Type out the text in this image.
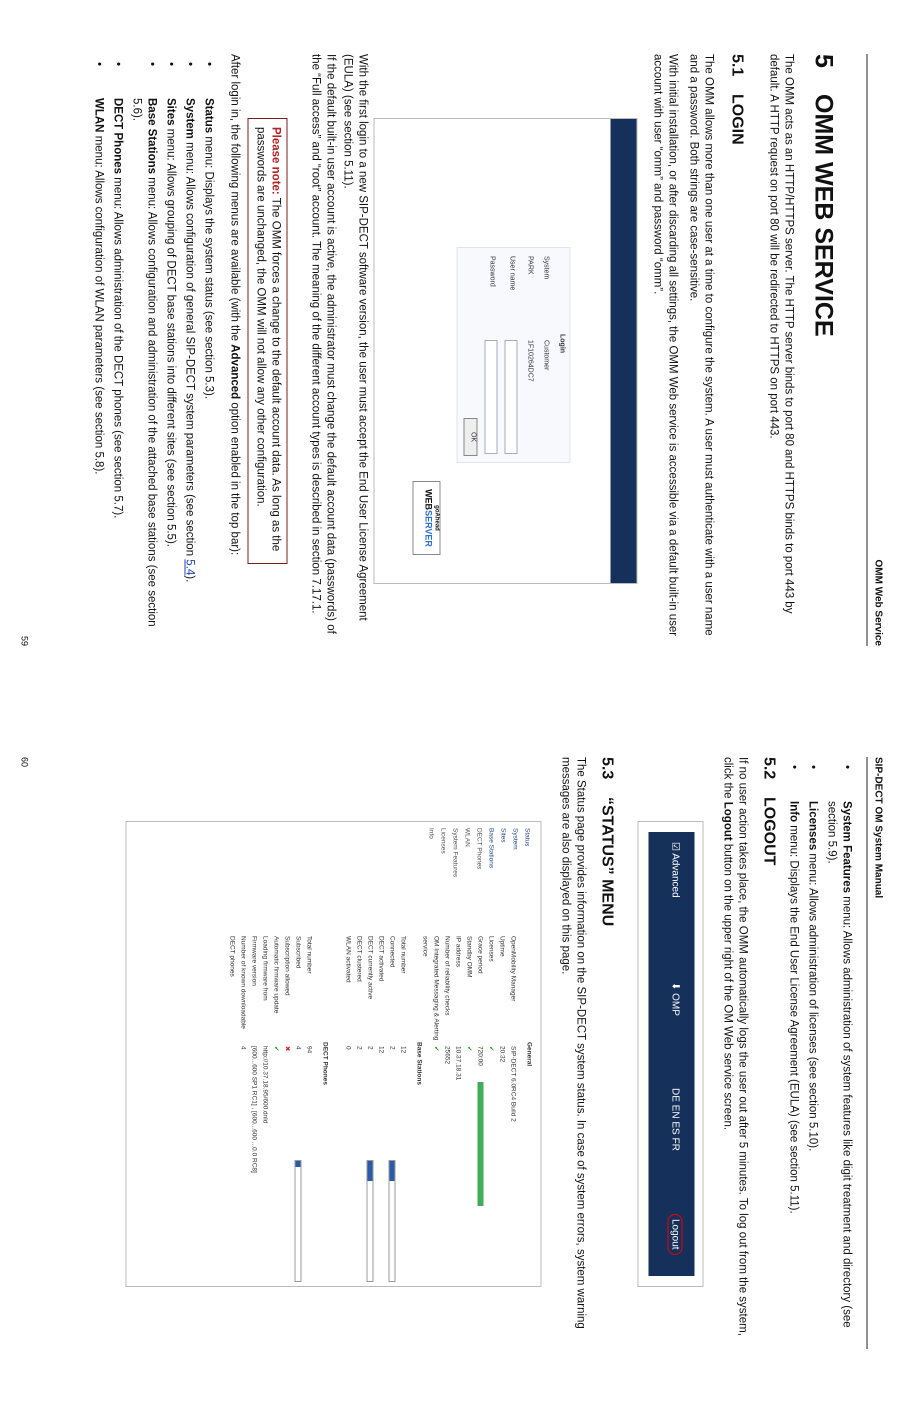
OMM Web Service
5OMM WEB SERVICE

The OMM acts as an HTTP/HTTPS server. The HTTP server binds to port 80 and HTTPS binds to port 443 by default. A HTTP request on port 80 will be redirected to HTTPS on port 443.

5.1LOGIN

The OMM allows more than one user at a time to configure the system. A user must authenticate with a user name and a password. Both strings are case-sensitive.

With initial installation, or after discarding all settings, the OMM Web service is accessible via a default built-in user account with user “omm” and password “omm”.

Login
System
Customer
PARK
1F10264DC7
User name
Password
OK
goAhead
WEBSERVER

With the first login to a new SIP-DECT software version, the user must accept the End User License Agreement (EULA) (see section 5.11).

If the default built-in user account is active, the administrator must change the default account data (passwords) of the “Full access” and “root” account. The meaning of the different account types is described in section 7.17.1.

Please note: The OMM forces a change to the default account data. As long as the passwords are unchanged, the OMM will not allow any other configuration.

After login in, the following menus are available (with the Advanced option enabled in the top bar):

•
Status menu: Displays the system status (see section 5.3).
•
System menu: Allows configuration of general SIP-DECT system parameters (see section 5.4).
•
Sites menu: Allows grouping of DECT base stations into different sites (see section 5.5).
•
Base Stations menu: Allows configuration and administration of the attached base stations (see section 5.6).
•
DECT Phones menu: Allows administration of the DECT phones (see section 5.7).
•
WLAN menu: Allows configuration of WLAN parameters (see section 5.8).
59
SIP-DECT OM System Manual
•
System Features menu: Allows administration of system features like digit treatment and directory (see section 5.9).
•
Licenses menu: Allows administration of licenses (see section 5.10).
•
Info menu: Displays the End User License Agreement (EULA) (see section 5.11).
5.2LOGOUT

If no user action takes place, the OMM automatically logs the user out after 5 minutes. To log out from the system, click the Logout button on the upper right of the OM Web service screen.

☑ Advanced
⬇ OMP
DE EN ES FR
Logout
5.3“STATUS” MENU

The Status page provides information on the SIP-DECT system status. In case of system errors, system warning messages are also displayed on this page.

Status
System
Sites
Base Stations
DECT Phones
WLAN
System Features
Licenses
Info
General
OpenMobility Manager
SIP-DECT 6.0RC4 Build 2
Uptime
20:32
Licenses
✔
Grace period
720:00
Standby OMM
✔
IP address
10.37.18.31
Number of reliability checks
25652
OM Integrated Messaging & Alerting service
✔
Base Stations
Total number
12
Connected
2
DECT activated
12
DECT currently active
2
DECT clustered
2
WLAN activated
0
DECT Phones
Total number
94
Subscribed
4
Subscription allowed
✖
Automatic firmware update
✔
Loading firmware from
http://10.37.18.95/600.dnld
Firmware version
[600...600 SP1 RC1] , [600...600 ...0.0 RC8]
Number of known downloadable DECT phones
4
60
